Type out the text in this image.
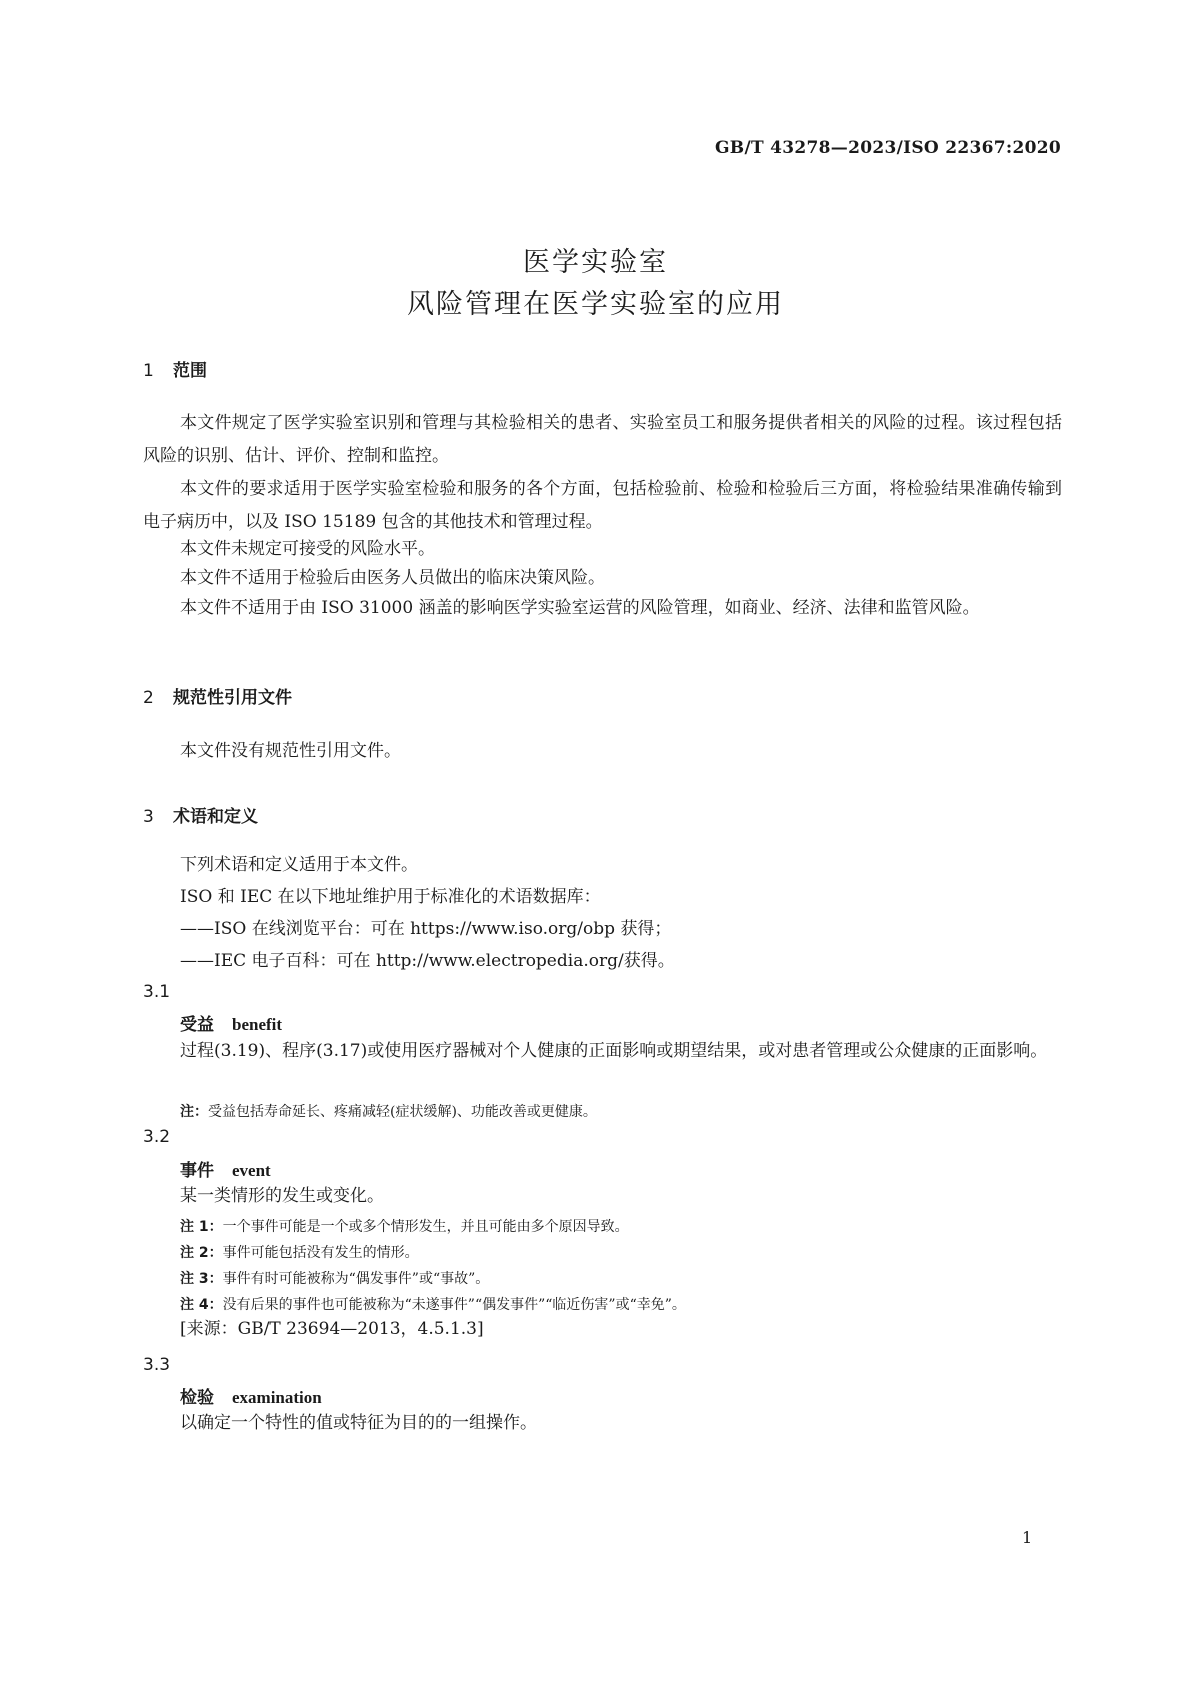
GB/T 43278—2023/ISO 22367:2020
医学实验室
风险管理在医学实验室的应用
1 范围
本文件规定了医学实验室识别和管理与其检验相关的患者、实验室员工和服务提供者相关的风险的过程。该过程包括风险的识别、估计、评价、控制和监控。
本文件的要求适用于医学实验室检验和服务的各个方面，包括检验前、检验和检验后三方面，将检验结果准确传输到电子病历中，以及 ISO 15189 包含的其他技术和管理过程。
本文件未规定可接受的风险水平。
本文件不适用于检验后由医务人员做出的临床决策风险。
本文件不适用于由 ISO 31000 涵盖的影响医学实验室运营的风险管理，如商业、经济、法律和监管风险。
2 规范性引用文件
本文件没有规范性引用文件。
3 术语和定义
下列术语和定义适用于本文件。
ISO 和 IEC 在以下地址维护用于标准化的术语数据库：
——ISO 在线浏览平台：可在 https://www.iso.org/obp 获得；
——IEC 电子百科：可在 http://www.electropedia.org/获得。
3.1
受益 benefit
过程(3.19)、程序(3.17)或使用医疗器械对个人健康的正面影响或期望结果，或对患者管理或公众健康的正面影响。
注：受益包括寿命延长、疼痛减轻(症状缓解)、功能改善或更健康。
3.2
事件 event
某一类情形的发生或变化。
注 1：一个事件可能是一个或多个情形发生，并且可能由多个原因导致。
注 2：事件可能包括没有发生的情形。
注 3：事件有时可能被称为“偶发事件”或“事故”。
注 4：没有后果的事件也可能被称为“未遂事件”“偶发事件”“临近伤害”或“幸免”。
[来源：GB/T 23694—2013，4.5.1.3]
3.3
检验 examination
以确定一个特性的值或特征为目的的一组操作。
1
